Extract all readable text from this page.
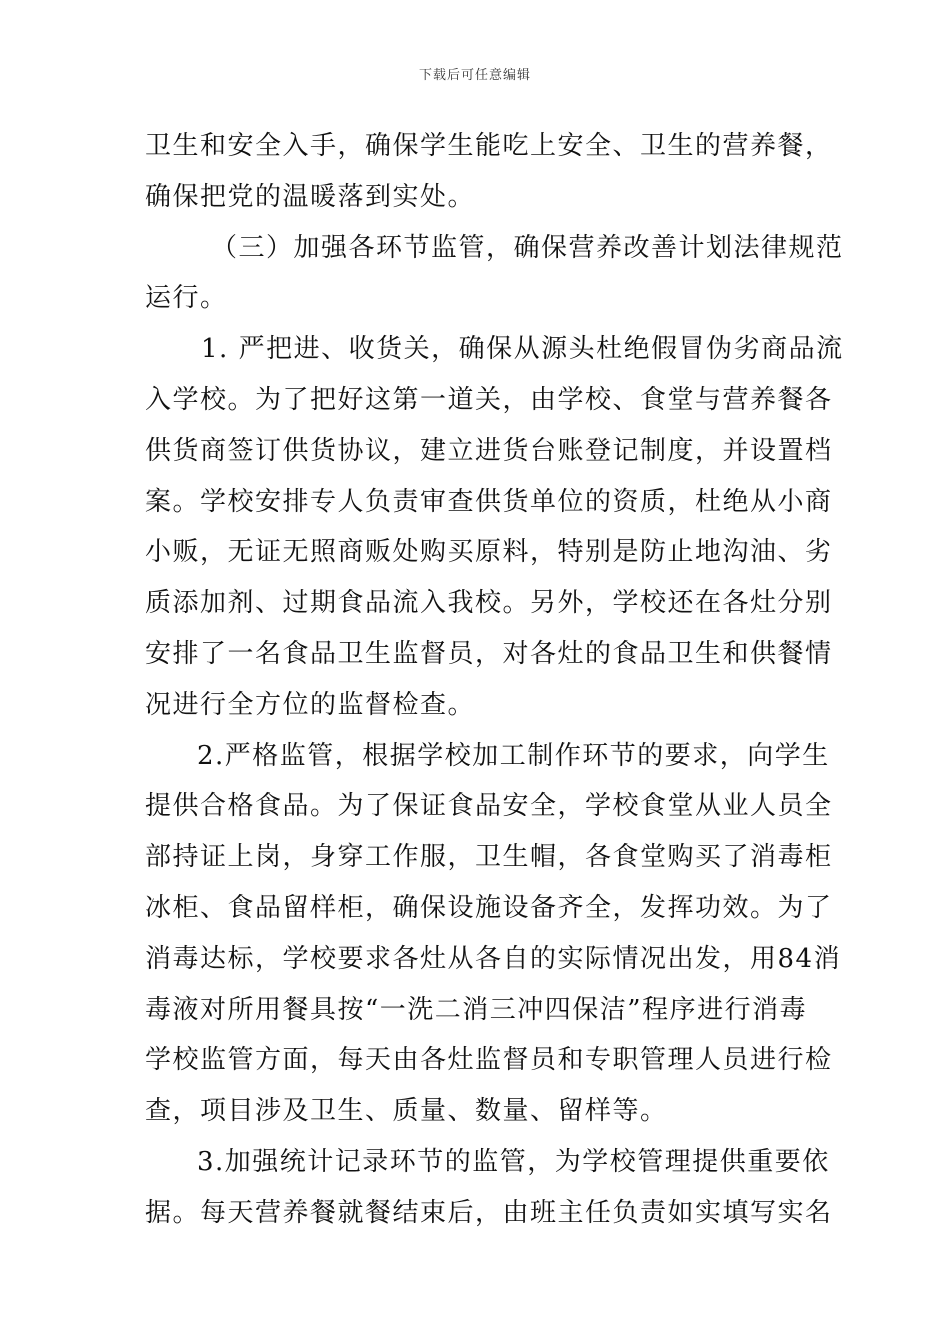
下载后可任意编辑
卫生和安全入手，确保学生能吃上安全、卫生的营养餐，
确保把党的温暖落到实处。
（三）加强各环节监管，确保营养改善计划法律规范
运行。
1. 严把进、收货关，确保从源头杜绝假冒伪劣商品流
入学校。为了把好这第一道关，由学校、食堂与营养餐各
供货商签订供货协议，建立进货台账登记制度，并设置档
案。学校安排专人负责审查供货单位的资质，杜绝从小商
小贩，无证无照商贩处购买原料，特别是防止地沟油、劣
质添加剂、过期食品流入我校。另外，学校还在各灶分别
安排了一名食品卫生监督员，对各灶的食品卫生和供餐情
况进行全方位的监督检查。
2.严格监管，根据学校加工制作环节的要求，向学生
提供合格食品。为了保证食品安全，学校食堂从业人员全
部持证上岗，身穿工作服，卫生帽，各食堂购买了消毒柜
冰柜、食品留样柜，确保设施设备齐全，发挥功效。为了
消毒达标，学校要求各灶从各自的实际情况出发，用84消
毒液对所用餐具按“一洗二消三冲四保洁”程序进行消毒
学校监管方面，每天由各灶监督员和专职管理人员进行检
查，项目涉及卫生、质量、数量、留样等。
3.加强统计记录环节的监管，为学校管理提供重要依
据。每天营养餐就餐结束后，由班主任负责如实填写实名
